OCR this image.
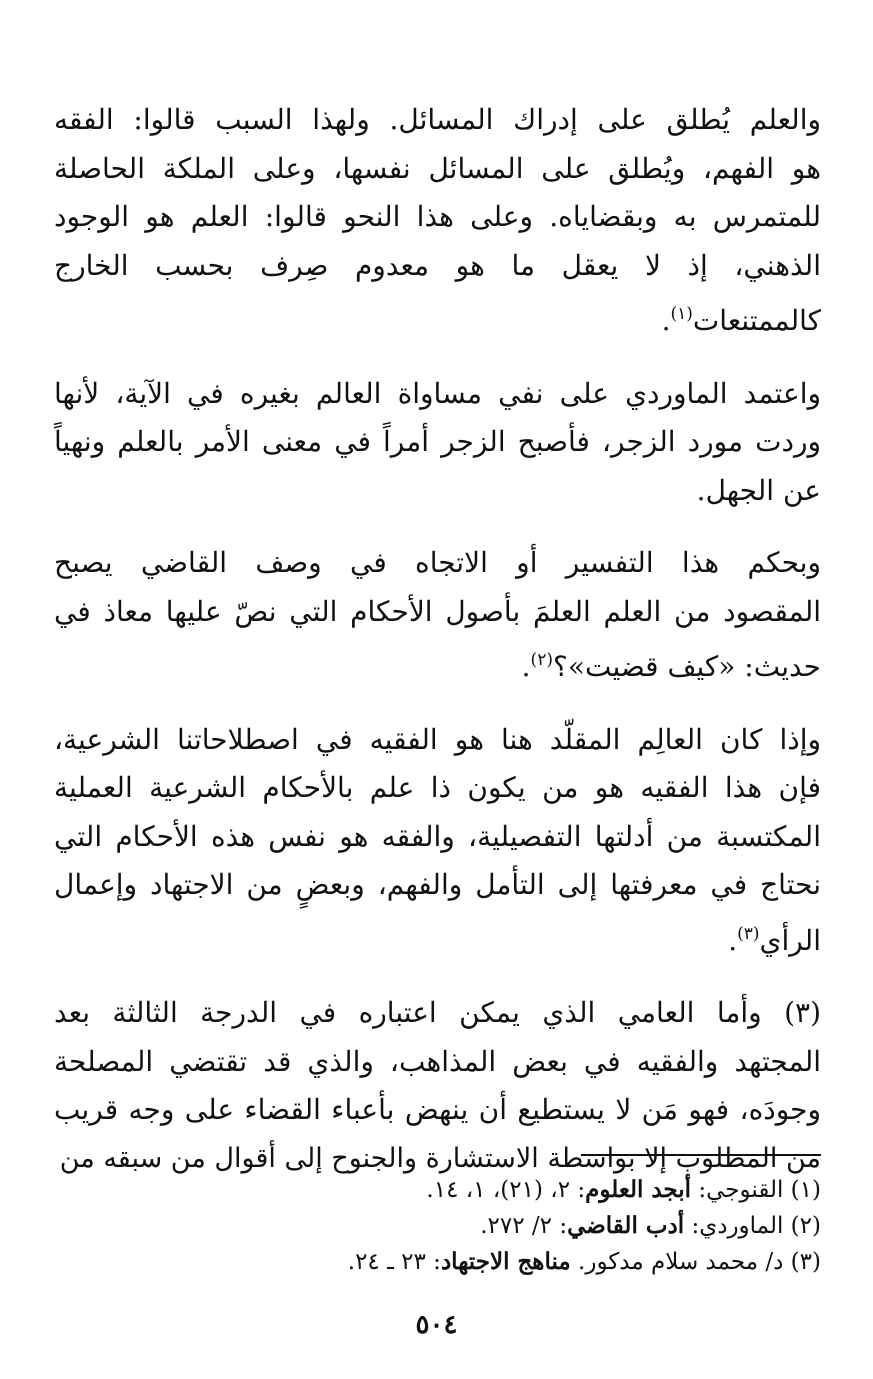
والعلم يُطلق على إدراك المسائل. ولهذا السبب قالوا: الفقه
هو الفهم، ويُطلق على المسائل نفسها، وعلى الملكة الحاصلة
للمتمرس به وبقضاياه. وعلى هذا النحو قالوا: العلم هو الوجود
الذهني، إذ لا يعقل ما هو معدوم صِرف بحسب الخارج
كالممتنعات$^{(١)}$.
واعتمد الماوردي على نفي مساواة العالم بغيره في الآية، لأنها
وردت مورد الزجر، فأصبح الزجر أمراً في معنى الأمر بالعلم ونهياً
عن الجهل.
وبحكم هذا التفسير أو الاتجاه في وصف القاضي يصبح
المقصود من العلم العلمَ بأصول الأحكام التي نصّ عليها معاذ في
حديث: «كيف قضيت»؟$^{(٢)}$.
وإذا كان العالِم المقلّد هنا هو الفقيه في اصطلاحاتنا الشرعية،
فإن هذا الفقيه هو من يكون ذا علم بالأحكام الشرعية العملية
المكتسبة من أدلتها التفصيلية، والفقه هو نفس هذه الأحكام التي
نحتاج في معرفتها إلى التأمل والفهم، وبعضٍ من الاجتهاد وإعمال
الرأي$^{(٣)}$.
(٣) وأما العامي الذي يمكن اعتباره في الدرجة الثالثة بعد
المجتهد والفقيه في بعض المذاهب، والذي قد تقتضي المصلحة
وجودَه، فهو مَن لا يستطيع أن ينهض بأعباء القضاء على وجه قريب
من المطلوب إلا بواسطة الاستشارة والجنوح إلى أقوال من سبقه من
(١) القنوجي: أبجد العلوم: ٢، (٢١)، ١، ١٤.
(٢) الماوردي: أدب القاضي: ٢/ ٢٧٢.
(٣) د/ محمد سلام مدكور. مناهج الاجتهاد: ٢٣ ـ ٢٤.
٥٠٤
